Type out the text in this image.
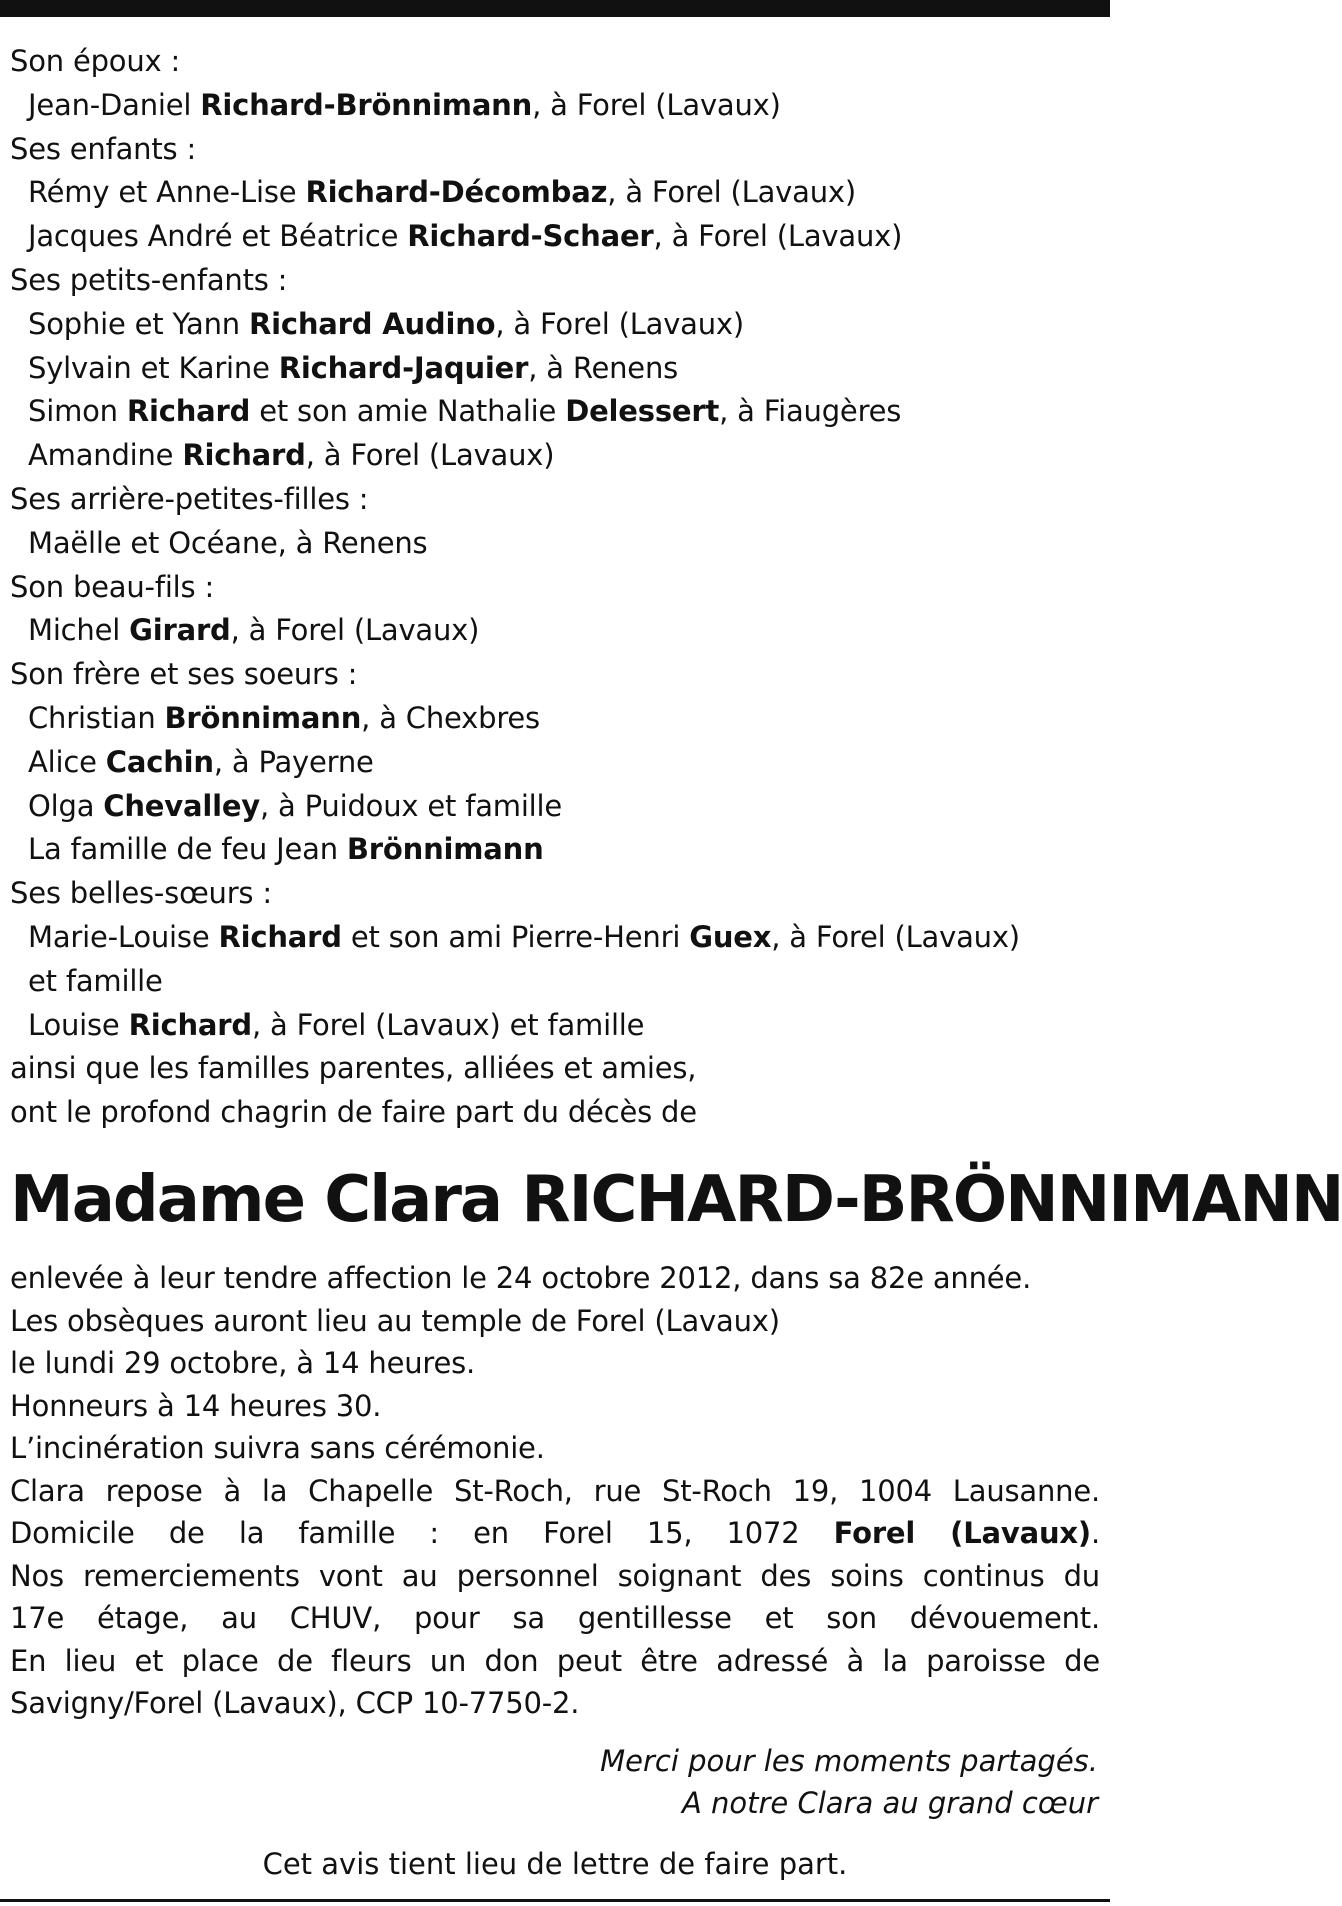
Son époux :
Jean-Daniel Richard-Brönnimann, à Forel (Lavaux)
Ses enfants :
Rémy et Anne-Lise Richard-Décombaz, à Forel (Lavaux)
Jacques André et Béatrice Richard-Schaer, à Forel (Lavaux)
Ses petits-enfants :
Sophie et Yann Richard Audino, à Forel (Lavaux)
Sylvain et Karine Richard-Jaquier, à Renens
Simon Richard et son amie Nathalie Delessert, à Fiaugères
Amandine Richard, à Forel (Lavaux)
Ses arrière-petites-filles :
Maëlle et Océane, à Renens
Son beau-fils :
Michel Girard, à Forel (Lavaux)
Son frère et ses soeurs :
Christian Brönnimann, à Chexbres
Alice Cachin, à Payerne
Olga Chevalley, à Puidoux et famille
La famille de feu Jean Brönnimann
Ses belles-sœurs :
Marie-Louise Richard et son ami Pierre-Henri Guex, à Forel (Lavaux)
et famille
Louise Richard, à Forel (Lavaux) et famille
ainsi que les familles parentes, alliées et amies,
ont le profond chagrin de faire part du décès de
Madame Clara RICHARD-BRÖNNIMANN
enlevée à leur tendre affection le 24 octobre 2012, dans sa 82e année.
Les obsèques auront lieu au temple de Forel (Lavaux)
le lundi 29 octobre, à 14 heures.
Honneurs à 14 heures 30.
L’incinération suivra sans cérémonie.
Clara repose à la Chapelle St-Roch, rue St-Roch 19, 1004 Lausanne.
Domicile de la famille : en Forel 15, 1072 Forel (Lavaux).
Nos remerciements vont au personnel soignant des soins continus du
17e étage, au CHUV, pour sa gentillesse et son dévouement.
En lieu et place de fleurs un don peut être adressé à la paroisse de
Savigny/Forel (Lavaux), CCP 10-7750-2.
Merci pour les moments partagés.
A notre Clara au grand cœur
Cet avis tient lieu de lettre de faire part.
